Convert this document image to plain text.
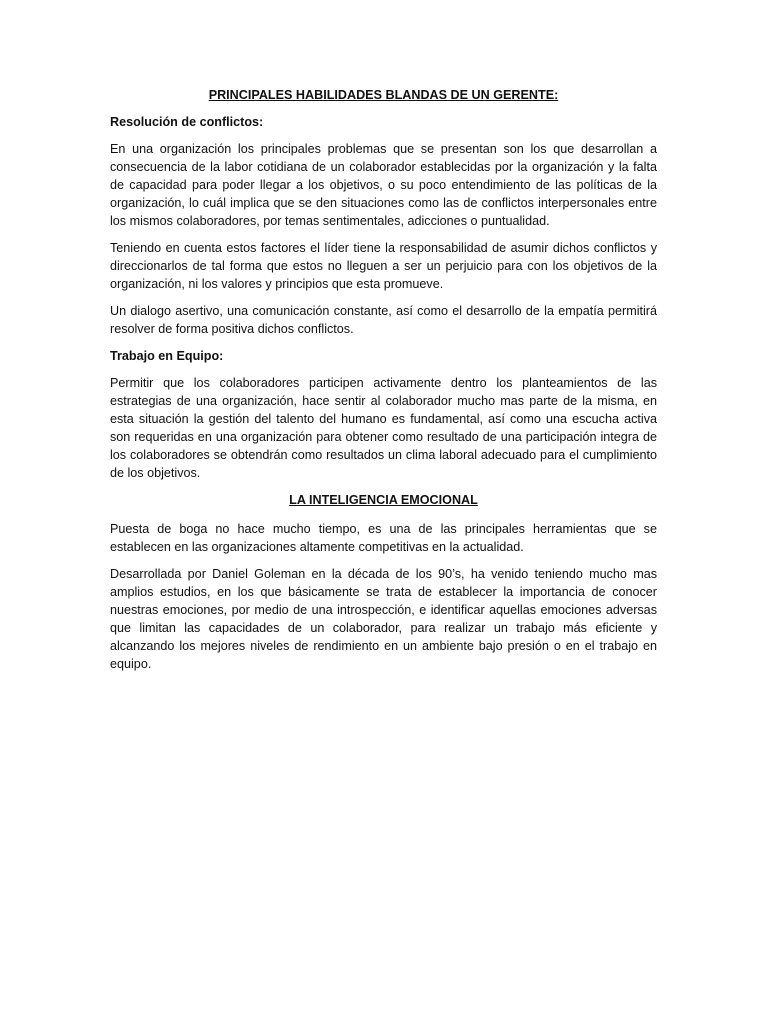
PRINCIPALES HABILIDADES BLANDAS DE UN GERENTE:
Resolución de conflictos:

En una organización los principales problemas que se presentan son los que desarrollan a consecuencia de la labor cotidiana de un colaborador establecidas por la organización y la falta de capacidad para poder llegar a los objetivos, o su poco entendimiento de las políticas de la organización, lo cuál implica que se den situaciones como las de conflictos interpersonales entre los mismos colaboradores, por temas sentimentales, adicciones o puntualidad.

Teniendo en cuenta estos factores el líder tiene la responsabilidad de asumir dichos conflictos y direccionarlos de tal forma que estos no lleguen a ser un perjuicio para con los objetivos de la organización, ni los valores y principios que esta promueve.

Un dialogo asertivo, una comunicación constante, así como el desarrollo de la empatía permitirá resolver de forma positiva dichos conflictos.

Trabajo en Equipo:

Permitir que los colaboradores participen activamente dentro los planteamientos de las estrategias de una organización, hace sentir al colaborador mucho mas parte de la misma, en esta situación la gestión del talento del humano es fundamental, así como una escucha activa son requeridas en una organización para obtener como resultado de una participación integra de los colaboradores se obtendrán como resultados un clima laboral adecuado para el cumplimiento de los objetivos.

LA INTELIGENCIA EMOCIONAL

Puesta de boga no hace mucho tiempo, es una de las principales herramientas que se establecen en las organizaciones altamente competitivas en la actualidad.

Desarrollada por Daniel Goleman en la década de los 90’s, ha venido teniendo mucho mas amplios estudios, en los que básicamente se trata de establecer la importancia de conocer nuestras emociones, por medio de una introspección, e identificar aquellas emociones adversas que limitan las capacidades de un colaborador, para realizar un trabajo más eficiente y alcanzando los mejores niveles de rendimiento en un ambiente bajo presión o en el trabajo en equipo.
